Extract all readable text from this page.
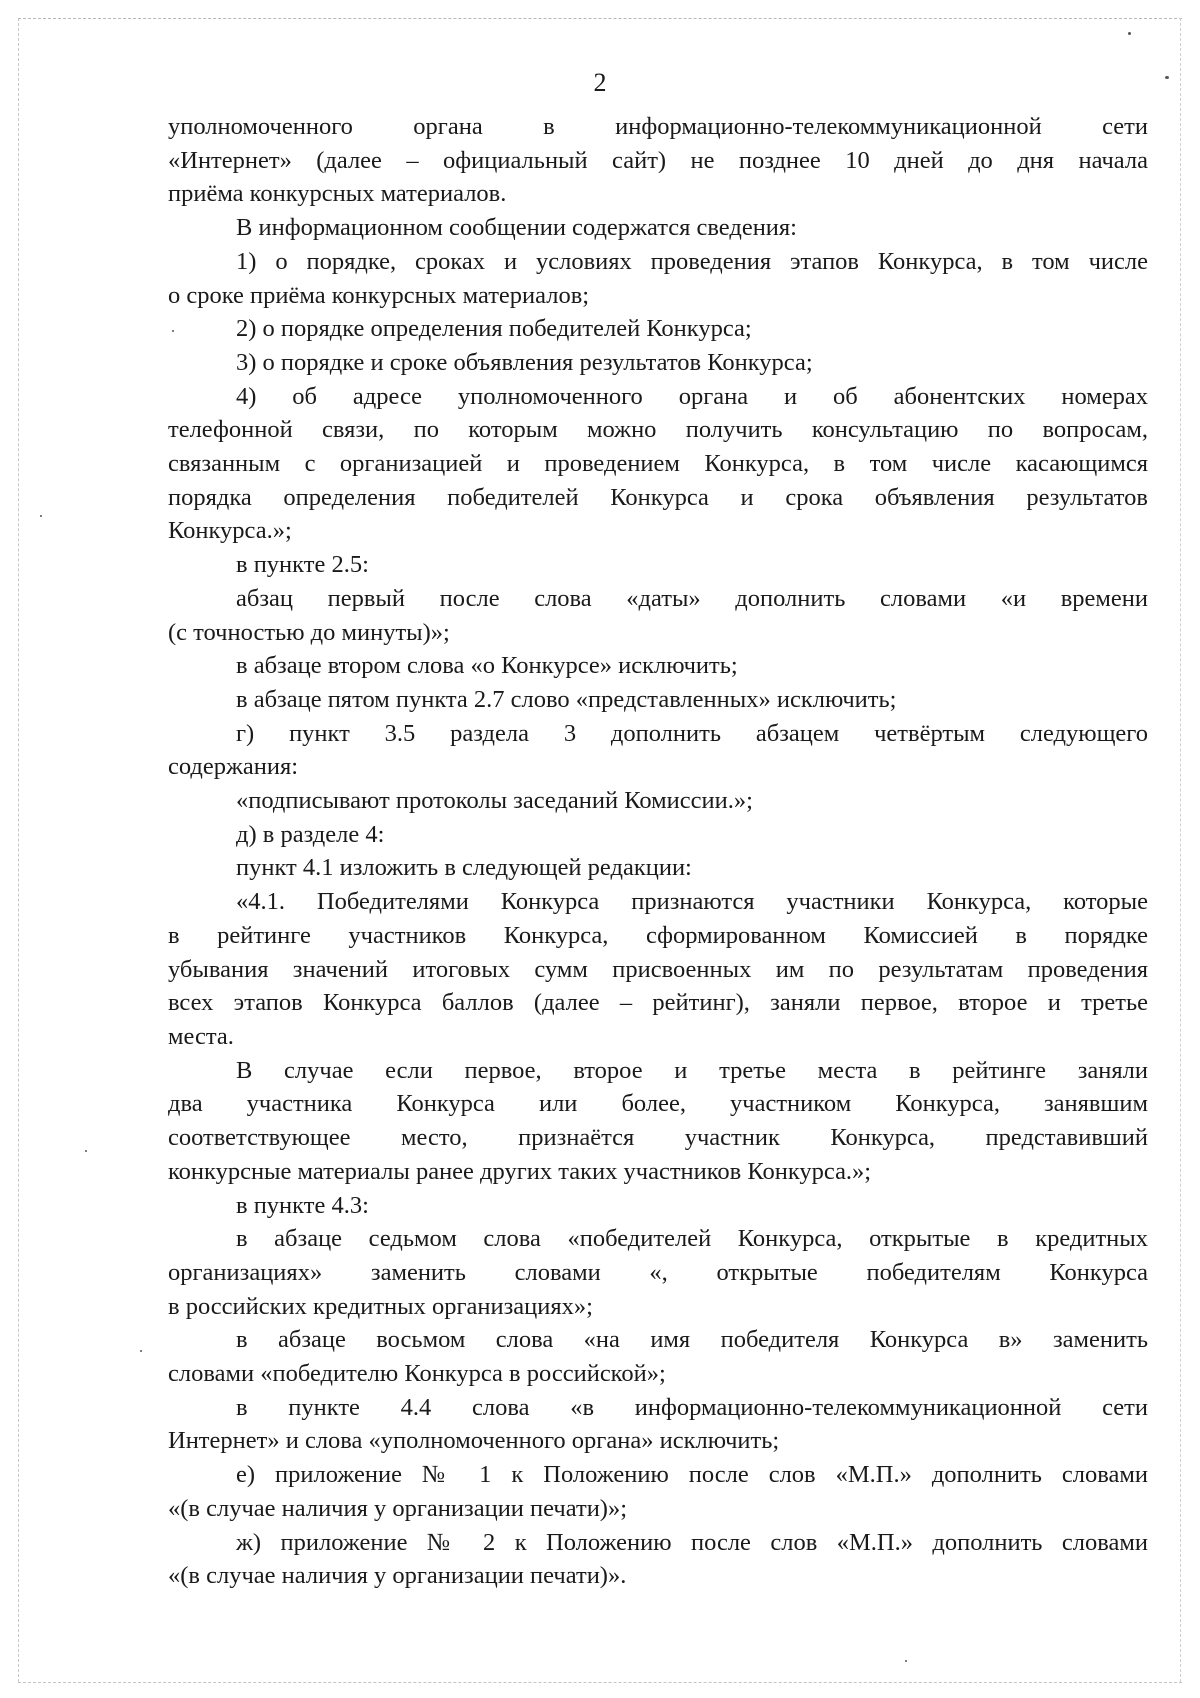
2
уполномоченного органа в информационно-телекоммуникационной сети
«Интернет» (далее – официальный сайт) не позднее 10 дней до дня начала
приёма конкурсных материалов.
В информационном сообщении содержатся сведения:
1) о порядке, сроках и условиях проведения этапов Конкурса, в том числе
о сроке приёма конкурсных материалов;
2) о порядке определения победителей Конкурса;
3) о порядке и сроке объявления результатов Конкурса;
4) об адресе уполномоченного органа и об абонентских номерах
телефонной связи, по которым можно получить консультацию по вопросам,
связанным с организацией и проведением Конкурса, в том числе касающимся
порядка определения победителей Конкурса и срока объявления результатов
Конкурса.»;
в пункте 2.5:
абзац первый после слова «даты» дополнить словами «и времени
(с точностью до минуты)»;
в абзаце втором слова «о Конкурсе» исключить;
в абзаце пятом пункта 2.7 слово «представленных» исключить;
г) пункт 3.5 раздела 3 дополнить абзацем четвёртым следующего
содержания:
«подписывают протоколы заседаний Комиссии.»;
д) в разделе 4:
пункт 4.1 изложить в следующей редакции:
«4.1. Победителями Конкурса признаются участники Конкурса, которые
в рейтинге участников Конкурса, сформированном Комиссией в порядке
убывания значений итоговых сумм присвоенных им по результатам проведения
всех этапов Конкурса баллов (далее – рейтинг), заняли первое, второе и третье
места.
В случае если первое, второе и третье места в рейтинге заняли
два участника Конкурса или более, участником Конкурса, занявшим
соответствующее место, признаётся участник Конкурса, представивший
конкурсные материалы ранее других таких участников Конкурса.»;
в пункте 4.3:
в абзаце седьмом слова «победителей Конкурса, открытые в кредитных
организациях» заменить словами «, открытые победителям Конкурса
в российских кредитных организациях»;
в абзаце восьмом слова «на имя победителя Конкурса в» заменить
словами «победителю Конкурса в российской»;
в пункте 4.4 слова «в информационно-телекоммуникационной сети
Интернет» и слова «уполномоченного органа» исключить;
е) приложение № 1 к Положению после слов «М.П.» дополнить словами
«(в случае наличия у организации печати)»;
ж) приложение № 2 к Положению после слов «М.П.» дополнить словами
«(в случае наличия у организации печати)».
